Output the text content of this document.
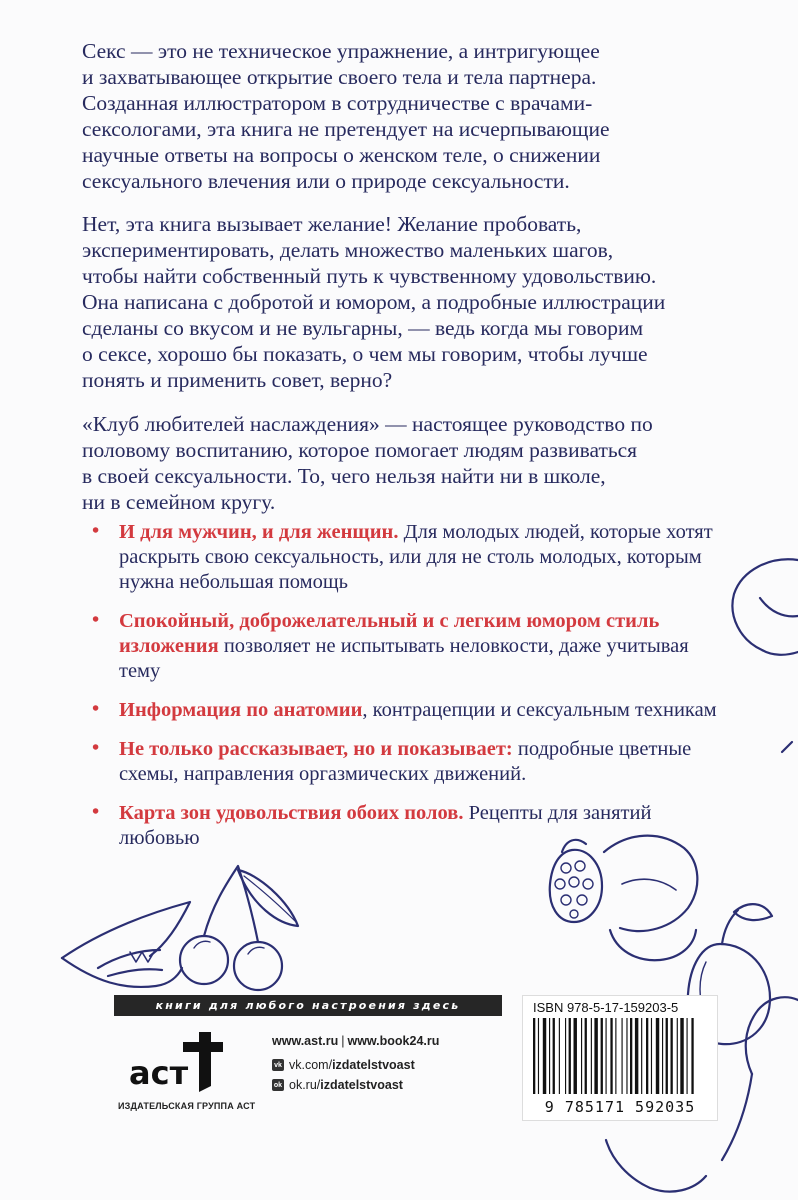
Секс — это не техническое упражнение, а интригующее
и захватывающее открытие своего тела и тела партнера.
Созданная иллюстратором в сотрудничестве с врачами-
сексологами, эта книга не претендует на исчерпывающие
научные ответы на вопросы о женском теле, о снижении
сексуального влечения или о природе сексуальности.
Нет, эта книга вызывает желание! Желание пробовать,
экспериментировать, делать множество маленьких шагов,
чтобы найти собственный путь к чувственному удовольствию.
Она написана с добротой и юмором, а подробные иллюстрации
сделаны со вкусом и не вульгарны, — ведь когда мы говорим
о сексе, хорошо бы показать, о чем мы говорим, чтобы лучше
понять и применить совет, верно?
«Клуб любителей наслаждения» — настоящее руководство по
половому воспитанию, которое помогает людям развиваться
в своей сексуальности. То, чего нельзя найти ни в школе,
ни в семейном кругу.
• И для мужчин, и для женщин. Для молодых людей, которые хотят раскрыть свою сексуальность, или для не столь молодых, которым нужна небольшая помощь
• Спокойный, доброжелательный и с легким юмором стиль изложения позволяет не испытывать неловкости, даже учитывая тему
• Информация по анатомии, контрацепции и сексуальным техникам
• Не только рассказывает, но и показывает: подробные цветные схемы, направления оргазмических движений.
• Карта зон удовольствия обоих полов. Рецепты для занятий любовью
книги для любого настроения здесь
аст
ИЗДАТЕЛЬСКАЯ ГРУППА АСТ
www.ast.ru | www.book24.ru
vk vk.com/ izdatelstvoast
ok ok.ru/ izdatelstvoast
ISBN 978-5-17-159203-5
9 785171 592035
